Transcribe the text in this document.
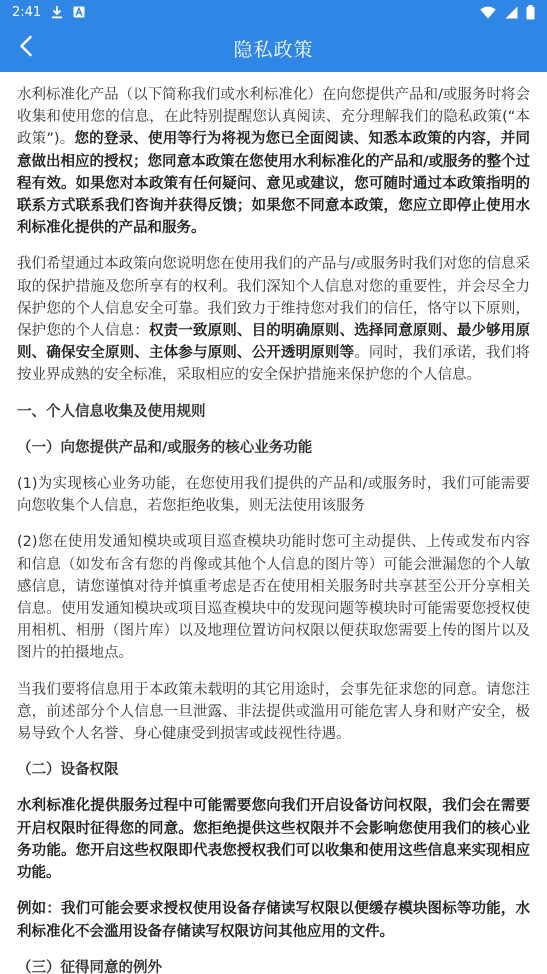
2:41
隐私政策

水利标准化产品（以下简称我们或水利标准化）在向您提供产品和/或服务时将会收集和使用您的信息，在此特别提醒您认真阅读、充分理解我们的隐私政策(“本政策”)。您的登录、使用等行为将视为您已全面阅读、知悉本政策的内容，并同意做出相应的授权；您同意本政策在您使用水利标准化的产品和/或服务的整个过程有效。如果您对本政策有任何疑问、意见或建议，您可随时通过本政策指明的联系方式联系我们咨询并获得反馈；如果您不同意本政策，您应立即停止使用水利标准化提供的产品和服务。

我们希望通过本政策向您说明您在使用我们的产品与/或服务时我们对您的信息采取的保护措施及您所享有的权利。我们深知个人信息对您的重要性，并会尽全力保护您的个人信息安全可靠。我们致力于维持您对我们的信任，恪守以下原则，保护您的个人信息：权责一致原则、目的明确原则、选择同意原则、最少够用原则、确保安全原则、主体参与原则、公开透明原则等。同时，我们承诺，我们将按业界成熟的安全标准，采取相应的安全保护措施来保护您的个人信息。

一、个人信息收集及使用规则

（一）向您提供产品和/或服务的核心业务功能

(1)为实现核心业务功能，在您使用我们提供的产品和/或服务时，我们可能需要向您收集个人信息，若您拒绝收集，则无法使用该服务

(2)您在使用发通知模块或项目巡查模块功能时您可主动提供、上传或发布内容和信息（如发布含有您的肖像或其他个人信息的图片等）可能会泄漏您的个人敏感信息，请您谨慎对待并慎重考虑是否在使用相关服务时共享甚至公开分享相关信息。使用发通知模块或项目巡查模块中的发现问题等模块时可能需要您授权使用相机、相册（图片库）以及地理位置访问权限以便获取您需要上传的图片以及图片的拍摄地点。

当我们要将信息用于本政策未载明的其它用途时，会事先征求您的同意。请您注意，前述部分个人信息一旦泄露、非法提供或滥用可能危害人身和财产安全，极易导致个人名誉、身心健康受到损害或歧视性待遇。

（二）设备权限

水利标准化提供服务过程中可能需要您向我们开启设备访问权限，我们会在需要开启权限时征得您的同意。您拒绝提供这些权限并不会影响您使用我们的核心业务功能。您开启这些权限即代表您授权我们可以收集和使用这些信息来实现相应功能。

例如：我们可能会要求授权使用设备存储读写权限以便缓存模块图标等功能，水利标准化不会滥用设备存储读写权限访问其他应用的文件。

（三）征得同意的例外
